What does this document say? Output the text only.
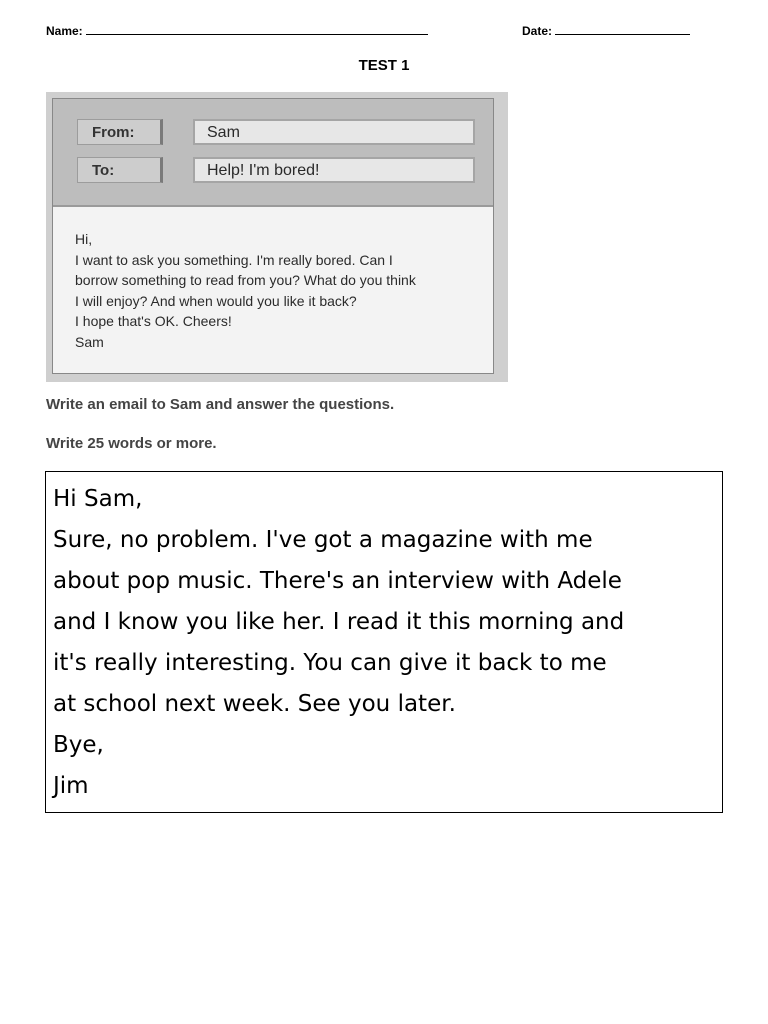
Name:	Date:
TEST 1
From:	Sam
To:	Help! I'm bored!
Hi,
I want to ask you something. I'm really bored. Can I
borrow something to read from you? What do you think
I will enjoy? And when would you like it back?
I hope that's OK. Cheers!
Sam
Write an email to Sam and answer the questions.
Write 25 words or more.
Hi Sam,
Sure, no problem. I've got a magazine with me
about pop music. There's an interview with Adele
and I know you like her. I read it this morning and
it's really interesting. You can give it back to me
at school next week. See you later.
Bye,
Jim
